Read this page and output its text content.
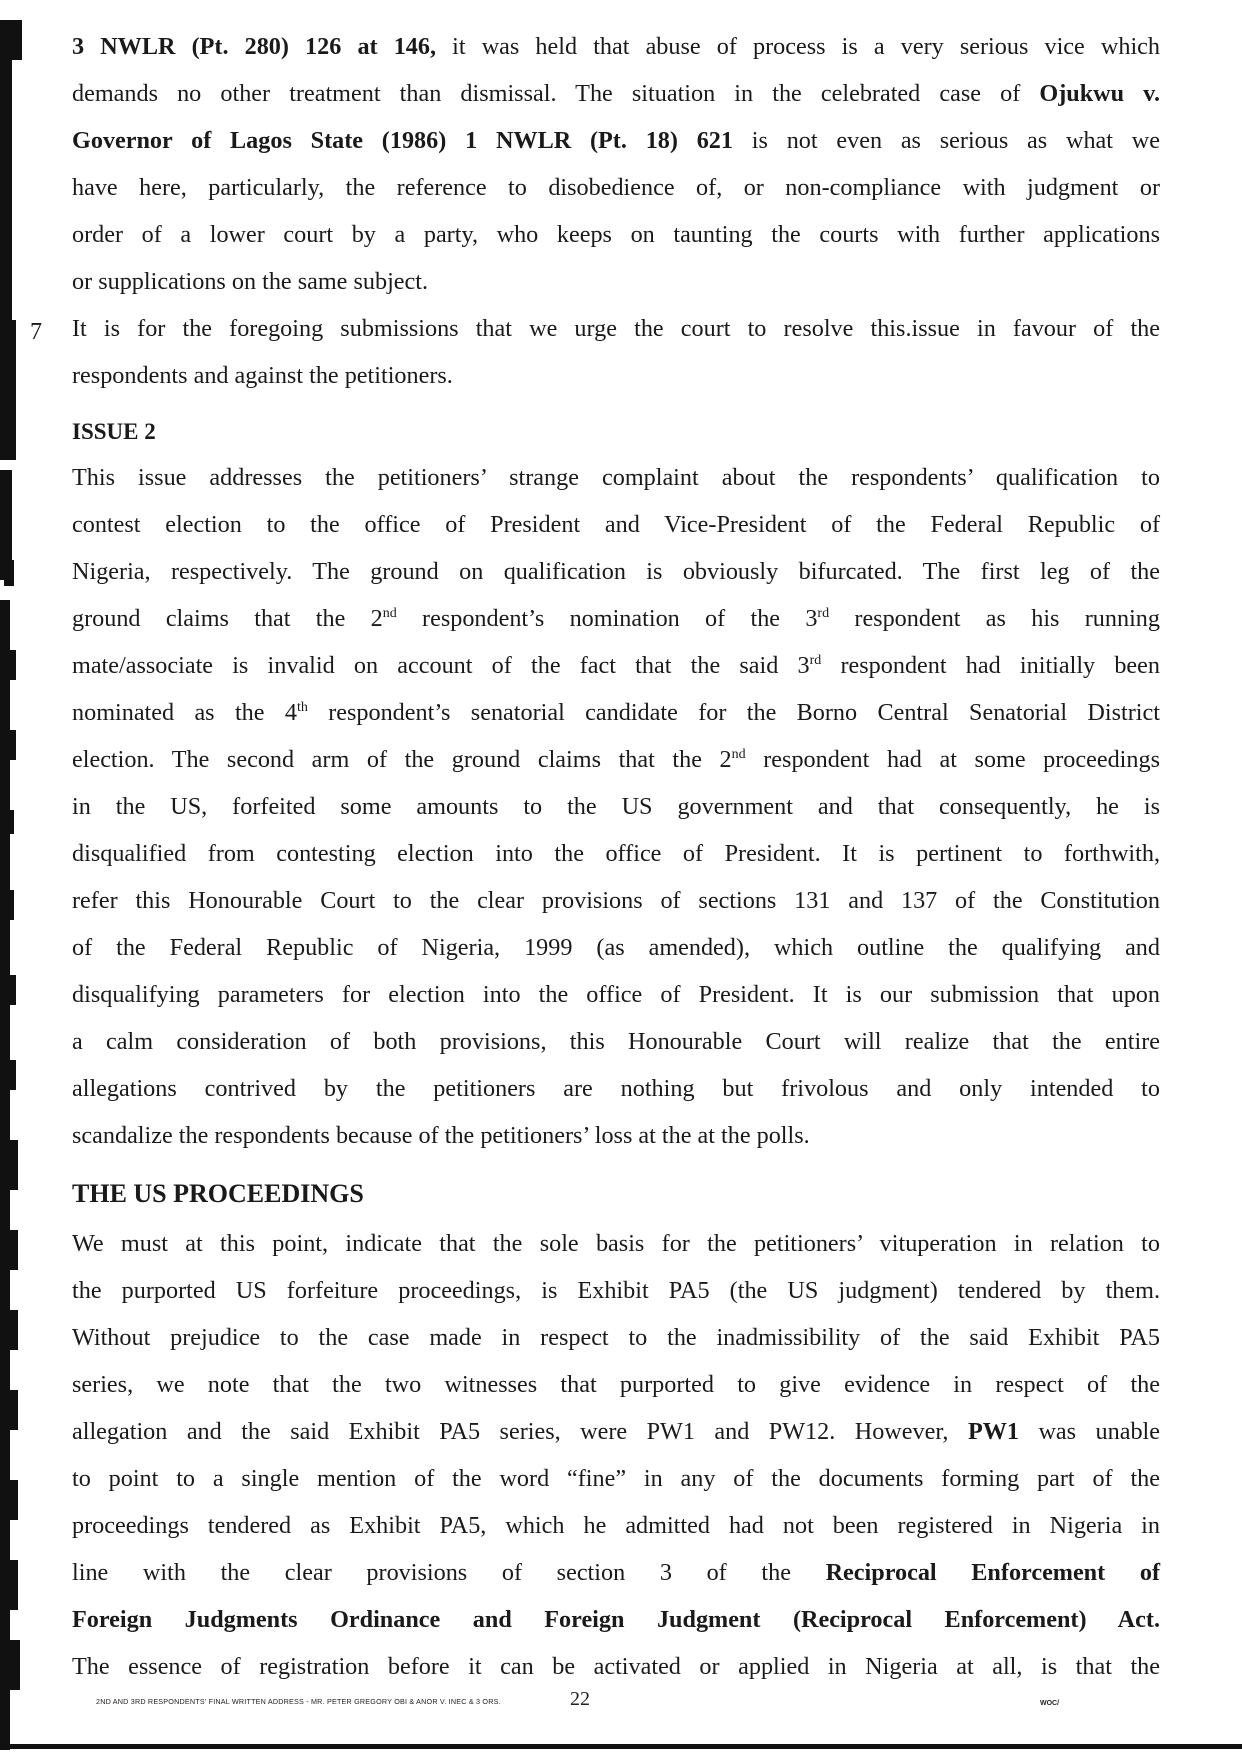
7
3 NWLR (Pt. 280) 126 at 146, it was held that abuse of process is a very serious vice which
demands no other treatment than dismissal. The situation in the celebrated case of Ojukwu v.
Governor of Lagos State (1986) 1 NWLR (Pt. 18) 621 is not even as serious as what we
have here, particularly, the reference to disobedience of, or non-compliance with judgment or
order of a lower court by a party, who keeps on taunting the courts with further applications
or supplications on the same subject.
It is for the foregoing submissions that we urge the court to resolve this.issue in favour of the
respondents and against the petitioners.
ISSUE 2
This issue addresses the petitioners’ strange complaint about the respondents’ qualification to
contest election to the office of President and Vice-President of the Federal Republic of
Nigeria, respectively. The ground on qualification is obviously bifurcated. The first leg of the
ground claims that the 2nd respondent’s nomination of the 3rd respondent as his running
mate/associate is invalid on account of the fact that the said 3rd respondent had initially been
nominated as the 4th respondent’s senatorial candidate for the Borno Central Senatorial District
election. The second arm of the ground claims that the 2nd respondent had at some proceedings
in the US, forfeited some amounts to the US government and that consequently, he is
disqualified from contesting election into the office of President. It is pertinent to forthwith,
refer this Honourable Court to the clear provisions of sections 131 and 137 of the Constitution
of the Federal Republic of Nigeria, 1999 (as amended), which outline the qualifying and
disqualifying parameters for election into the office of President. It is our submission that upon
a calm consideration of both provisions, this Honourable Court will realize that the entire
allegations contrived by the petitioners are nothing but frivolous and only intended to
scandalize the respondents because of the petitioners’ loss at the at the polls.
THE US PROCEEDINGS
We must at this point, indicate that the sole basis for the petitioners’ vituperation in relation to
the purported US forfeiture proceedings, is Exhibit PA5 (the US judgment) tendered by them.
Without prejudice to the case made in respect to the inadmissibility of the said Exhibit PA5
series, we note that the two witnesses that purported to give evidence in respect of the
allegation and the said Exhibit PA5 series, were PW1 and PW12. However, PW1 was unable
to point to a single mention of the word “fine” in any of the documents forming part of the
proceedings tendered as Exhibit PA5, which he admitted had not been registered in Nigeria in
line with the clear provisions of section 3 of the Reciprocal Enforcement of
Foreign Judgments Ordinance and Foreign Judgment (Reciprocal Enforcement) Act.
The essence of registration before it can be activated or applied in Nigeria at all, is that the
2ND AND 3RD RESPONDENTS' FINAL WRITTEN ADDRESS - MR. PETER GREGORY OBI & ANOR V. INEC & 3 ORS.	22	WOC/
